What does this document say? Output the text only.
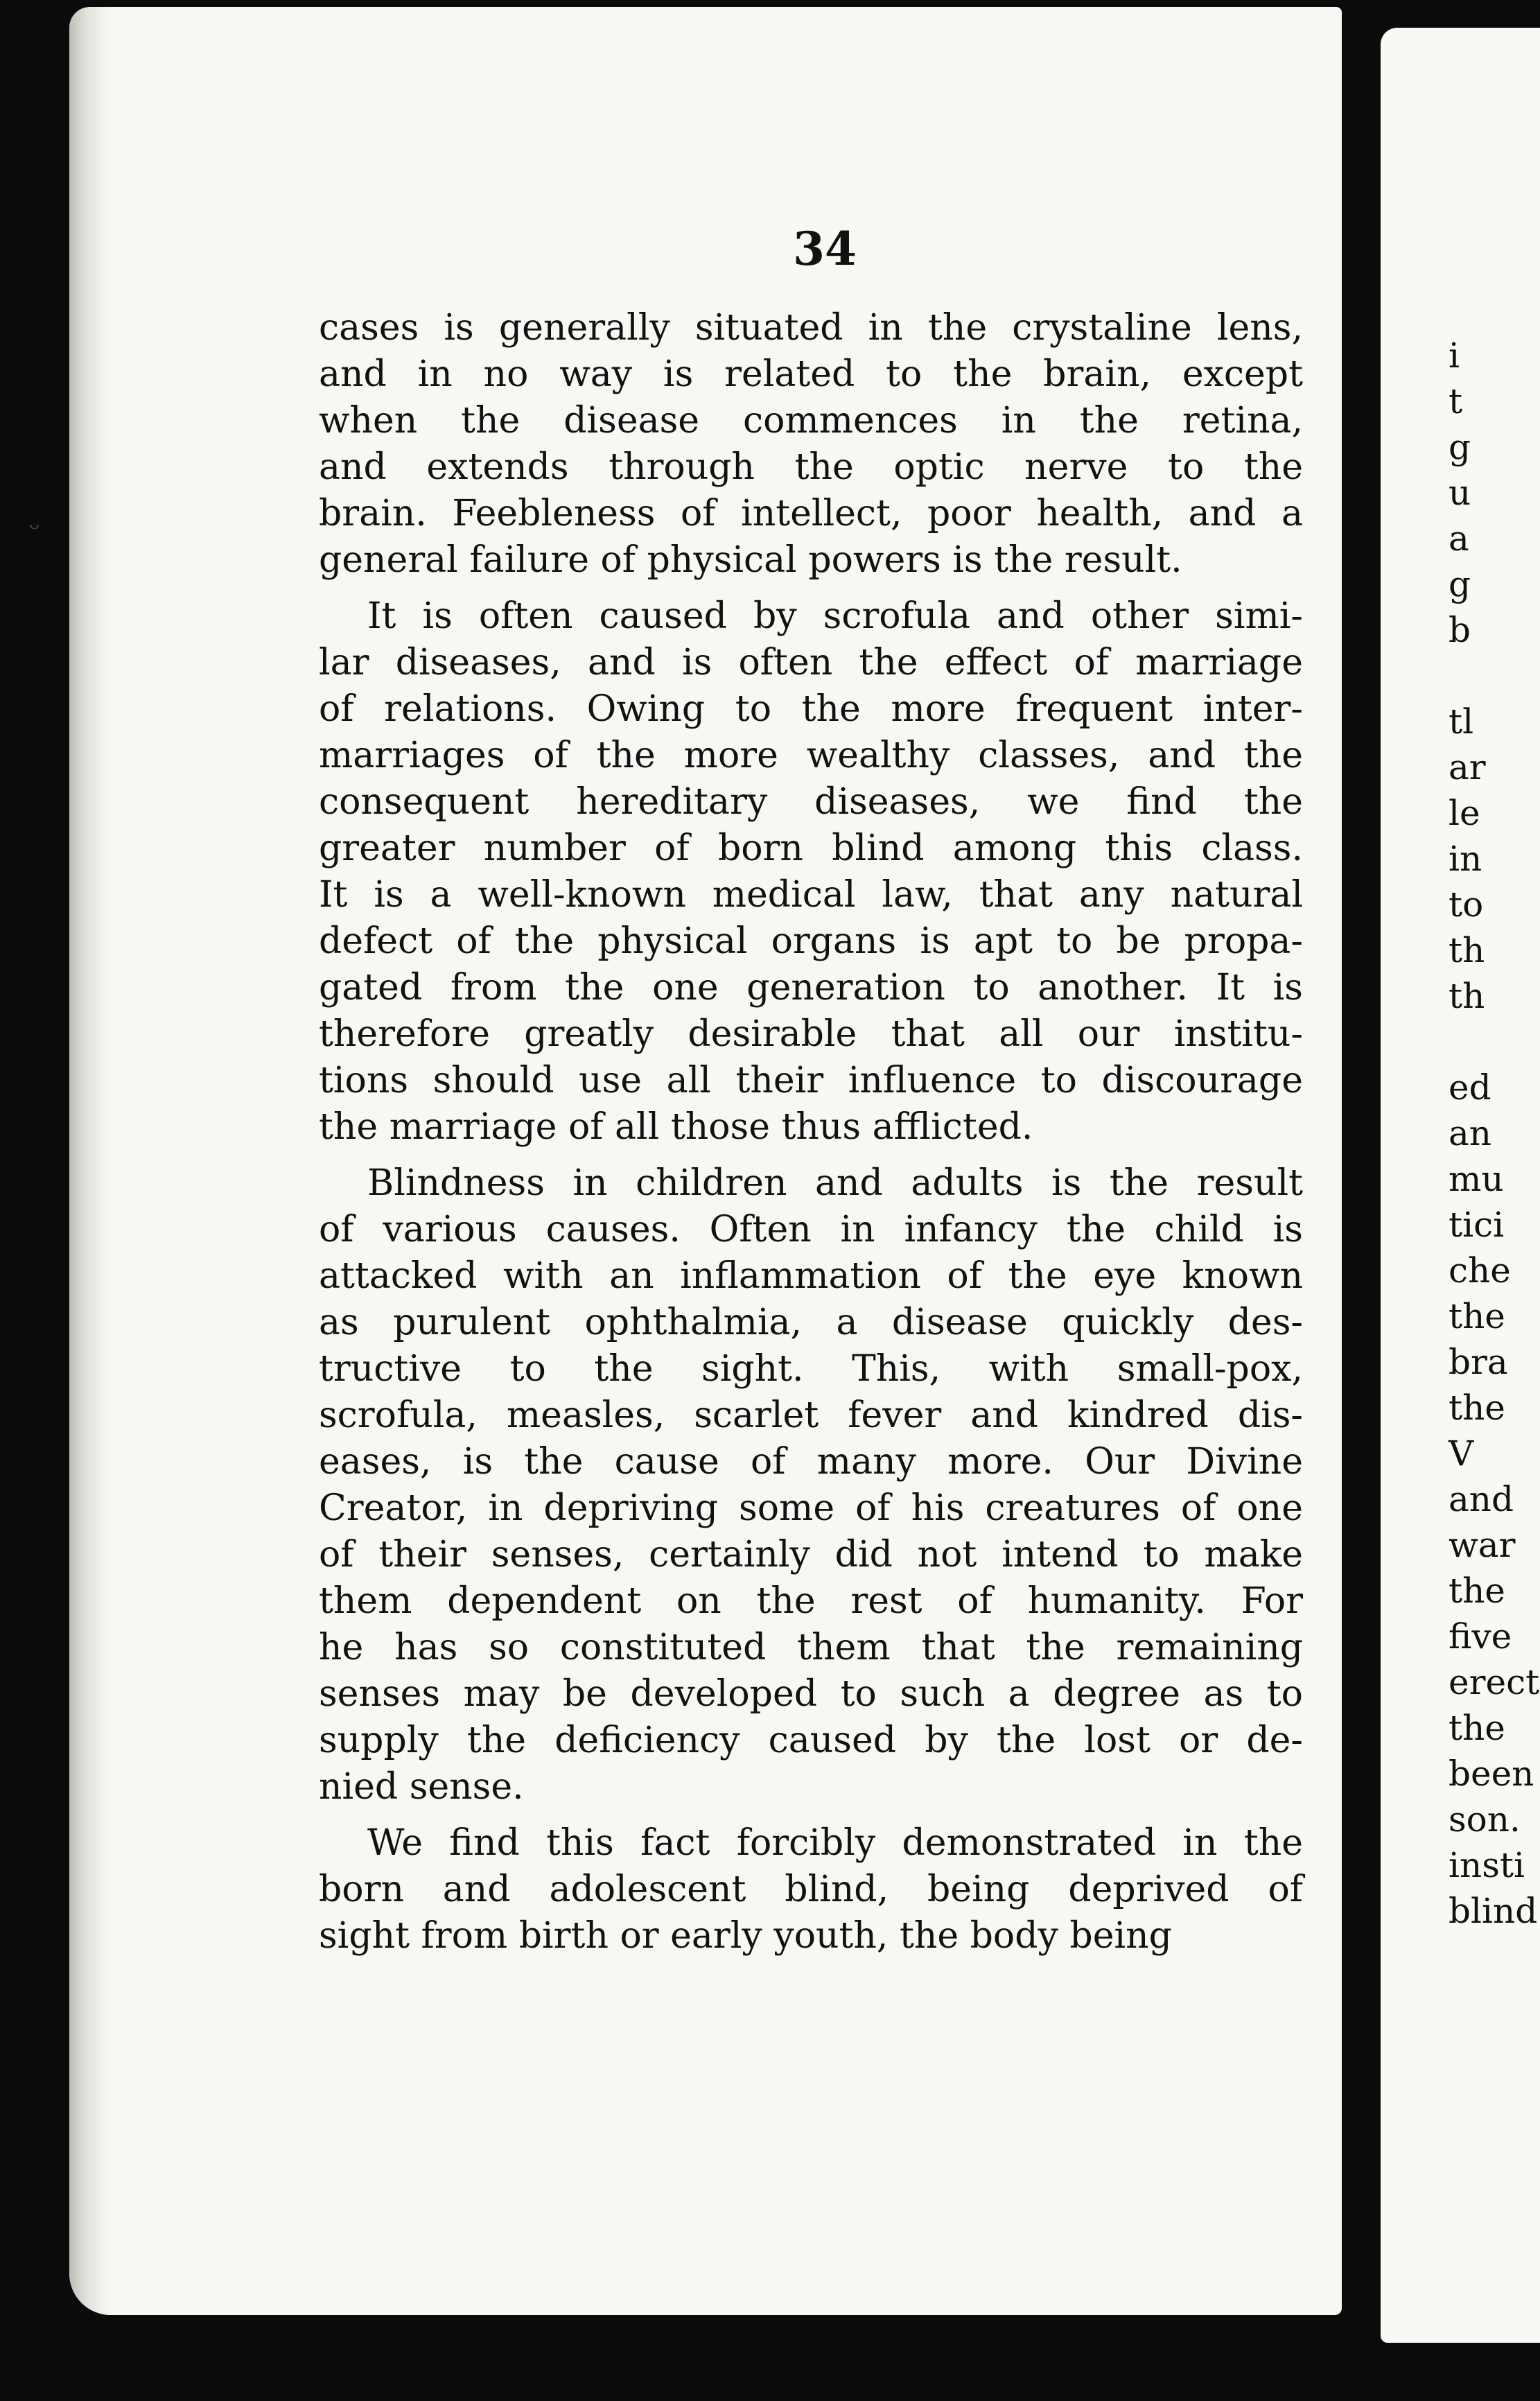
34
cases is generally situated in the crystaline lens,
and in no way is related to the brain, except
when the disease commences in the retina,
and extends through the optic nerve to the
brain. Feebleness of intellect, poor health, and a
general failure of physical powers is the result.
It is often caused by scrofula and other simi-
lar diseases, and is often the effect of marriage
of relations. Owing to the more frequent inter-
marriages of the more wealthy classes, and the
consequent hereditary diseases, we find the
greater number of born blind among this class.
It is a well-known medical law, that any natural
defect of the physical organs is apt to be propa-
gated from the one generation to another. It is
therefore greatly desirable that all our institu-
tions should use all their influence to discourage
the marriage of all those thus afflicted.
Blindness in children and adults is the result
of various causes. Often in infancy the child is
attacked with an inflammation of the eye known
as purulent ophthalmia, a disease quickly des-
tructive to the sight. This, with small-pox,
scrofula, measles, scarlet fever and kindred dis-
eases, is the cause of many more. Our Divine
Creator, in depriving some of his creatures of one
of their senses, certainly did not intend to make
them dependent on the rest of humanity. For
he has so constituted them that the remaining
senses may be developed to such a degree as to
supply the deficiency caused by the lost or de-
nied sense.
We find this fact forcibly demonstrated in the
born and adolescent blind, being deprived of
sight from birth or early youth, the body being
i
t
g
u
a
g
b

tl
ar
le
in
to
th
th

ed
an
mu
tici
che
the
bra
the
V
and
war
the
five
erect
the
been
son.
insti
blind
ᵕ
